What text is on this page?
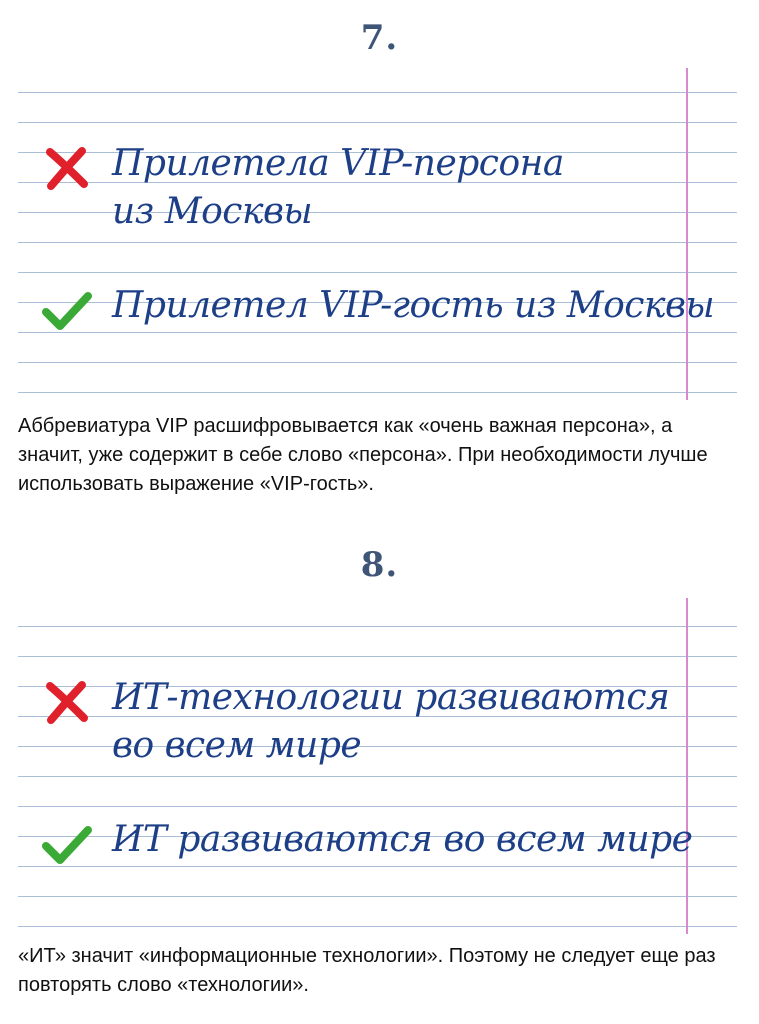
7.
Прилетела VIP-персона
из Москвы
Прилетел VIP-гость из Москвы
Аббревиатура VIP расшифровывается как «очень важная персона», а значит, уже содержит в себе слово «персона». При необходимости лучше использовать выражение «VIP-гость».
8.
ИТ-технологии развиваются
во всем мире
ИТ развиваются во всем мире
«ИТ» значит «информационные технологии». Поэтому не следует еще раз повторять слово «технологии».
